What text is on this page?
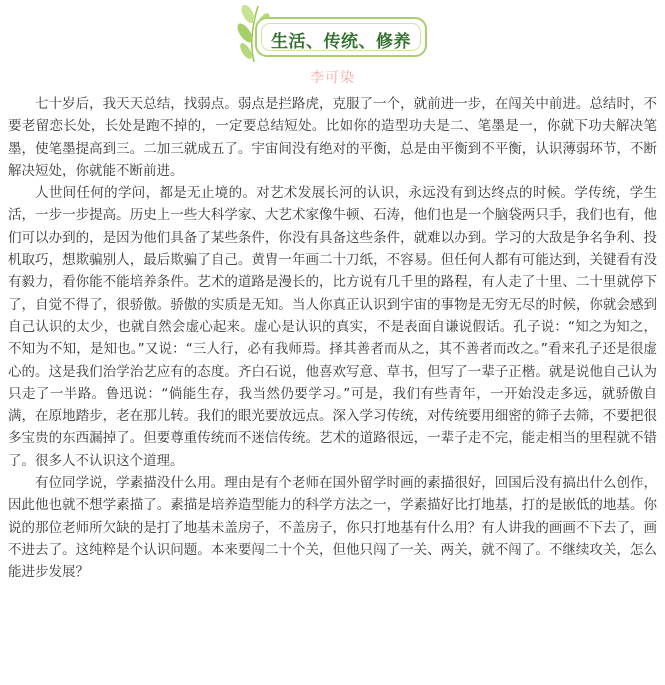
生活、传统、修养
李可染

七十岁后，我天天总结，找弱点。弱点是拦路虎，克服了一个，就前进一步，在闯关中前进。总结时，不要老留恋长处，长处是跑不掉的，一定要总结短处。比如你的造型功夫是二、笔墨是一，你就下功夫解决笔墨，使笔墨提高到三。二加三就成五了。宇宙间没有绝对的平衡，总是由平衡到不平衡，认识薄弱环节，不断解决短处，你就能不断前进。

人世间任何的学问，都是无止境的。对艺术发展长河的认识，永远没有到达终点的时候。学传统，学生活，一步一步提高。历史上一些大科学家、大艺术家像牛顿、石涛，他们也是一个脑袋两只手，我们也有，他们可以办到的，是因为他们具备了某些条件，你没有具备这些条件，就难以办到。学习的大敌是争名争利、投机取巧，想欺骗别人，最后欺骗了自己。黄胄一年画二十刀纸，不容易。但任何人都有可能达到，关键看有没有毅力，看你能不能培养条件。艺术的道路是漫长的，比方说有几千里的路程，有人走了十里、二十里就停下了，自觉不得了，很骄傲。骄傲的实质是无知。当人你真正认识到宇宙的事物是无穷无尽的时候，你就会感到自己认识的太少，也就自然会虚心起来。虚心是认识的真实，不是表面自谦说假话。孔子说：“知之为知之，不知为不知，是知也。”又说：“三人行，必有我师焉。择其善者而从之，其不善者而改之。”看来孔子还是很虚心的。这是我们治学治艺应有的态度。齐白石说，他喜欢写意、草书，但写了一辈子正楷。就是说他自己认为只走了一半路。鲁迅说：“倘能生存，我当然仍要学习。”可是，我们有些青年，一开始没走多远，就骄傲自满，在原地踏步，老在那儿转。我们的眼光要放远点。深入学习传统，对传统要用细密的筛子去筛，不要把很多宝贵的东西漏掉了。但要尊重传统而不迷信传统。艺术的道路很远，一辈子走不完，能走相当的里程就不错了。很多人不认识这个道理。

有位同学说，学素描没什么用。理由是有个老师在国外留学时画的素描很好，回国后没有搞出什么创作，因此他也就不想学素描了。素描是培养造型能力的科学方法之一，学素描好比打地基，打的是嵌低的地基。你说的那位老师所欠缺的是打了地基未盖房子，不盖房子，你只打地基有什么用？有人讲我的画画不下去了，画不进去了。这纯粹是个认识问题。本来要闯二十个关，但他只闯了一关、两关，就不闯了。不继续攻关，怎么能进步发展？
